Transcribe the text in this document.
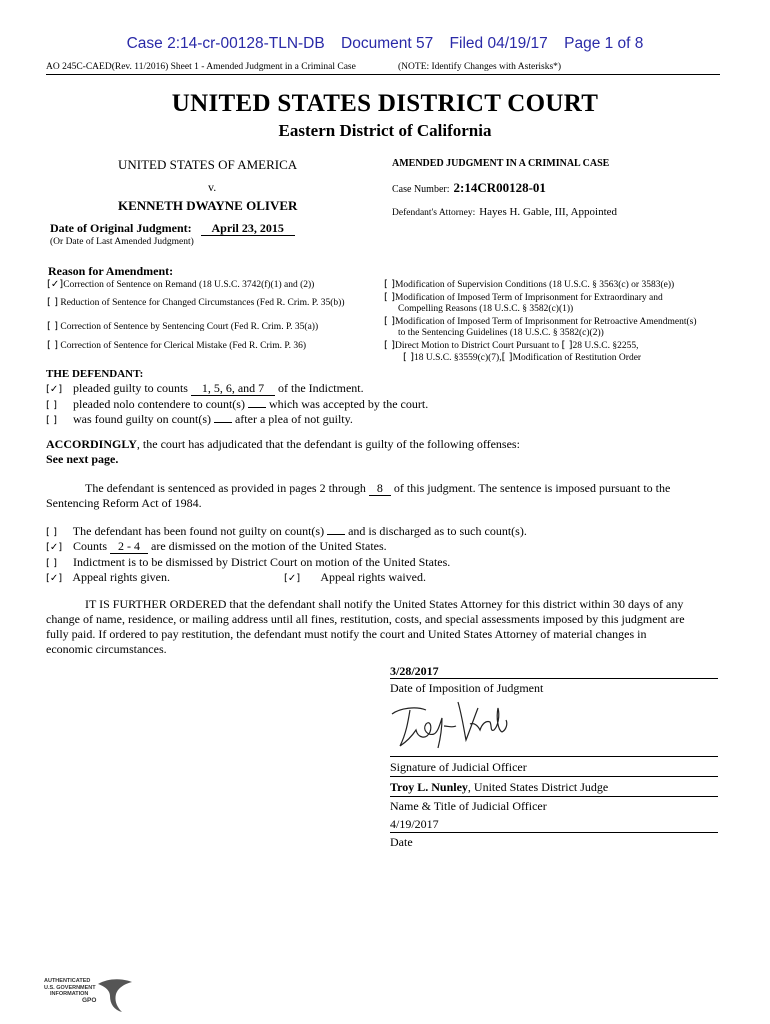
Case 2:14-cr-00128-TLN-DB Document 57 Filed 04/19/17 Page 1 of 8
AO 245C-CAED(Rev. 11/2016) Sheet 1 - Amended Judgment in a Criminal Case	(NOTE: Identify Changes with Asterisks*)
UNITED STATES DISTRICT COURT
Eastern District of California
UNITED STATES OF AMERICA
v.
KENNETH DWAYNE OLIVER
AMENDED JUDGMENT IN A CRIMINAL CASE
Case Number: 2:14CR00128-01
Defendant's Attorney: Hayes H. Gable, III, Appointed
Date of Original Judgment: April 23, 2015
(Or Date of Last Amended Judgment)
Reason for Amendment:
[✓]Correction of Sentence on Remand (18 U.S.C. 3742(f)(1) and (2))
[ ] Reduction of Sentence for Changed Circumstances (Fed R. Crim. P. 35(b))
[ ] Correction of Sentence by Sentencing Court (Fed R. Crim. P. 35(a))
[ ] Correction of Sentence for Clerical Mistake (Fed R. Crim. P. 36)
[ ]Modification of Supervision Conditions (18 U.S.C. § 3563(c) or 3583(e))
[ ]Modification of Imposed Term of Imprisonment for Extraordinary and
Compelling Reasons (18 U.S.C. § 3582(c)(1))
[ ]Modification of Imposed Term of Imprisonment for Retroactive Amendment(s)
to the Sentencing Guidelines (18 U.S.C. § 3582(c)(2))
[ ]Direct Motion to District Court Pursuant to [ ]28 U.S.C. §2255,
[ ]18 U.S.C. §3559(c)(7),[ ]Modification of Restitution Order
THE DEFENDANT:
[✓] pleaded guilty to counts 1, 5, 6, and 7 of the Indictment.
[ ] pleaded nolo contendere to count(s) which was accepted by the court.
[ ] was found guilty on count(s) after a plea of not guilty.
ACCORDINGLY, the court has adjudicated that the defendant is guilty of the following offenses:
See next page.
The defendant is sentenced as provided in pages 2 through 8 of this judgment. The sentence is imposed pursuant to the
Sentencing Reform Act of 1984.
[ ] The defendant has been found not guilty on count(s) and is discharged as to such count(s).
[✓] Counts 2 - 4 are dismissed on the motion of the United States.
[ ] Indictment is to be dismissed by District Court on motion of the United States.
[✓] Appeal rights given.	[✓] Appeal rights waived.
IT IS FURTHER ORDERED that the defendant shall notify the United States Attorney for this district within 30 days of any
change of name, residence, or mailing address until all fines, restitution, costs, and special assessments imposed by this judgment are
fully paid. If ordered to pay restitution, the defendant must notify the court and United States Attorney of material changes in
economic circumstances.
3/28/2017
Date of Imposition of Judgment
Signature of Judicial Officer
Troy L. Nunley, United States District Judge
Name & Title of Judicial Officer
4/19/2017
Date
AUTHENTICATED
U.S. GOVERNMENT
INFORMATION
GPO
